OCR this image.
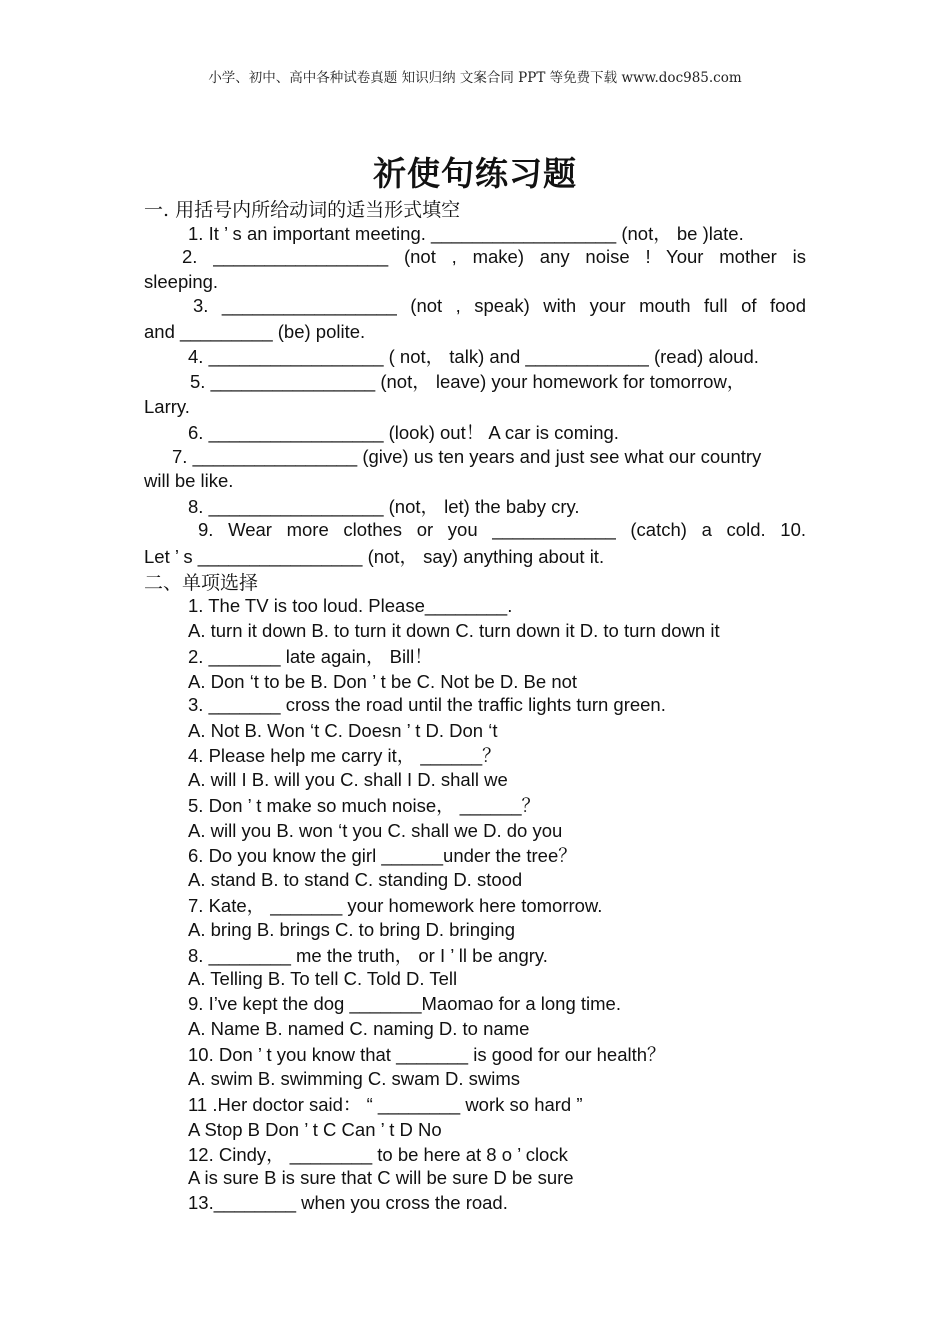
小学、初中、高中各种试卷真题 知识归纳 文案合同 PPT 等免费下载 www.doc985.com
祈使句练习题
一. 用括号内所给动词的适当形式填空
1. It ’ s an important meeting. __________________ (not， be )late.
2. _________________ (not , make) any noise ! Your mother is
sleeping.
3. _________________ (not , speak) with your mouth full of food
and _________ (be) polite.
4. _________________ ( not， talk) and ____________ (read) aloud.
5. ________________ (not， leave) your homework for tomorrow，
Larry.
6. _________________ (look) out！ A car is coming.
7. ________________ (give) us ten years and just see what our country
will be like.
8. _________________ (not， let) the baby cry.
9. Wear more clothes or you ____________ (catch) a cold. 10.
Let ’ s ________________ (not， say) anything about it.
二、单项选择
1. The TV is too loud. Please________.
A. turn it down B. to turn it down C. turn down it D. to turn down it
2. _______ late again， Bill！
A. Don ‘t to be B. Don ’ t be C. Not be D. Be not
3. _______ cross the road until the traffic lights turn green.
A. Not B. Won ‘t C. Doesn ’ t D. Don ‘t
4. Please help me carry it， ______？
A. will I B. will you C. shall I D. shall we
5. Don ’ t make so much noise， ______？
A. will you B. won ‘t you C. shall we D. do you
6. Do you know the girl ______under the tree？
A. stand B. to stand C. standing D. stood
7. Kate， _______ your homework here tomorrow.
A. bring B. brings C. to bring D. bringing
8. ________ me the truth， or I ’ ll be angry.
A. Telling B. To tell C. Told D. Tell
9. I’ve kept the dog _______Maomao for a long time.
A. Name B. named C. naming D. to name
10. Don ’ t you know that _______ is good for our health？
A. swim B. swimming C. swam D. swims
11 .Her doctor said： “ ________ work so hard ”
A Stop B Don ’ t C Can ’ t D No
12. Cindy， ________ to be here at 8 o ’ clock
A is sure B is sure that C will be sure D be sure
13.________ when you cross the road.
